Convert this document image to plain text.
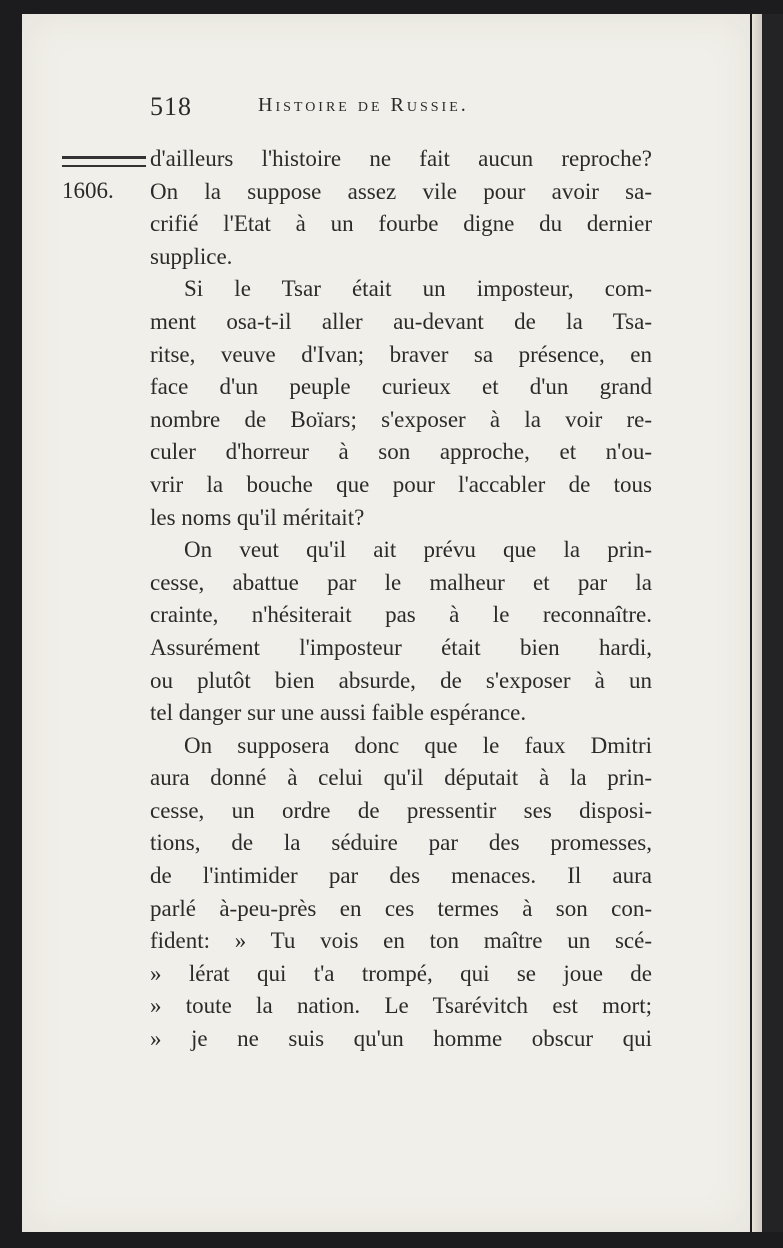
518	Histoire de Russie.
1606.
d'ailleurs l'histoire ne fait aucun reproche?
On la suppose assez vile pour avoir sa-
crifié l'Etat à un fourbe digne du dernier
supplice.
Si le Tsar était un imposteur, com-
ment osa-t-il aller au-devant de la Tsa-
ritse, veuve d'Ivan; braver sa présence, en
face d'un peuple curieux et d'un grand
nombre de Boïars; s'exposer à la voir re-
culer d'horreur à son approche, et n'ou-
vrir la bouche que pour l'accabler de tous
les noms qu'il méritait?
On veut qu'il ait prévu que la prin-
cesse, abattue par le malheur et par la
crainte, n'hésiterait pas à le reconnaître.
Assurément l'imposteur était bien hardi,
ou plutôt bien absurde, de s'exposer à un
tel danger sur une aussi faible espérance.
On supposera donc que le faux Dmitri
aura donné à celui qu'il députait à la prin-
cesse, un ordre de pressentir ses disposi-
tions, de la séduire par des promesses,
de l'intimider par des menaces. Il aura
parlé à-peu-près en ces termes à son con-
fident: » Tu vois en ton maître un scé-
» lérat qui t'a trompé, qui se joue de
» toute la nation. Le Tsarévitch est mort;
» je ne suis qu'un homme obscur qui
